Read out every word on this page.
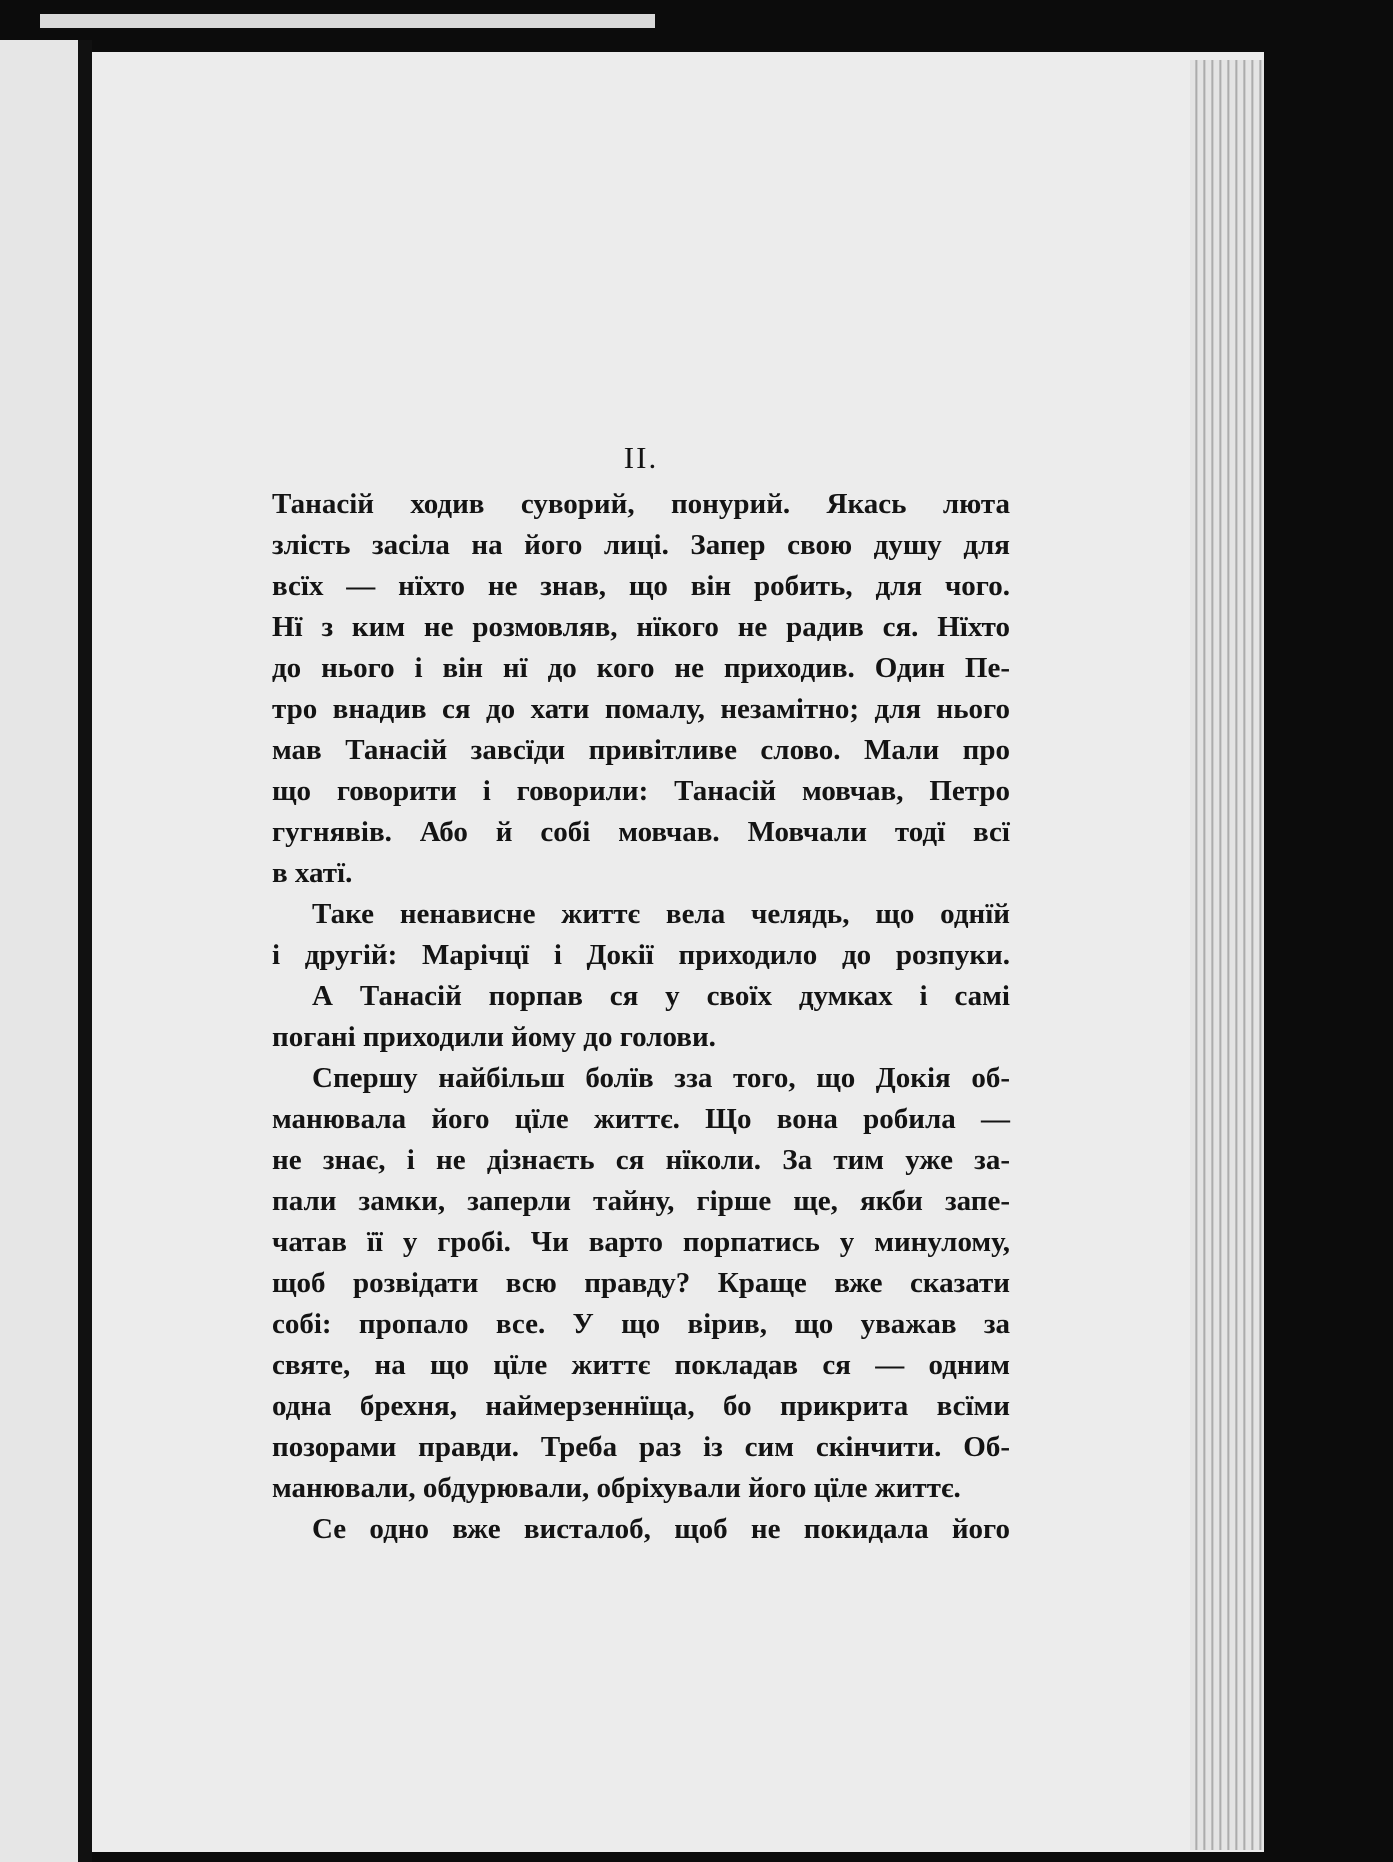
II.
Танасій ходив суворий, понурий. Якась люта
злість засіла на його лиці. Запер свою душу для
всїх — нїхто не знав, що він робить, для чого.
Нї з ким не розмовляв, нїкого не радив ся. Нїхто
до нього і він нї до кого не приходив. Один Пе-
тро внадив ся до хати помалу, незамітно; для нього
мав Танасій завсїди привітливе слово. Мали про
що говорити і говорили: Танасій мовчав, Петро
гугнявів. Або й собі мовчав. Мовчали тодї всї
в хатї.
Таке ненависне життє вела челядь, що однїй
і другій: Марічцї і Докії приходило до розпуки.
А Танасій порпав ся у своїх думках і самі
погані приходили йому до голови.
Спершу найбільш болїв зза того, що Докія об-
манювала його цїле життє. Що вона робила —
не знає, і не дізнаєть ся нїколи. За тим уже за-
пали замки, заперли тайну, гірше ще, якби запе-
чатав її у гробі. Чи варто порпатись у минулому,
щоб розвідати всю правду? Краще вже сказати
собі: пропало все. У що вірив, що уважав за
святе, на що цїле життє покладав ся — одним
одна брехня, наймерзеннїща, бо прикрита всїми
позорами правди. Треба раз із сим скінчити. Об-
манювали, обдурювали, обріхували його цїле життє.
Се одно вже висталоб, щоб не покидала його
